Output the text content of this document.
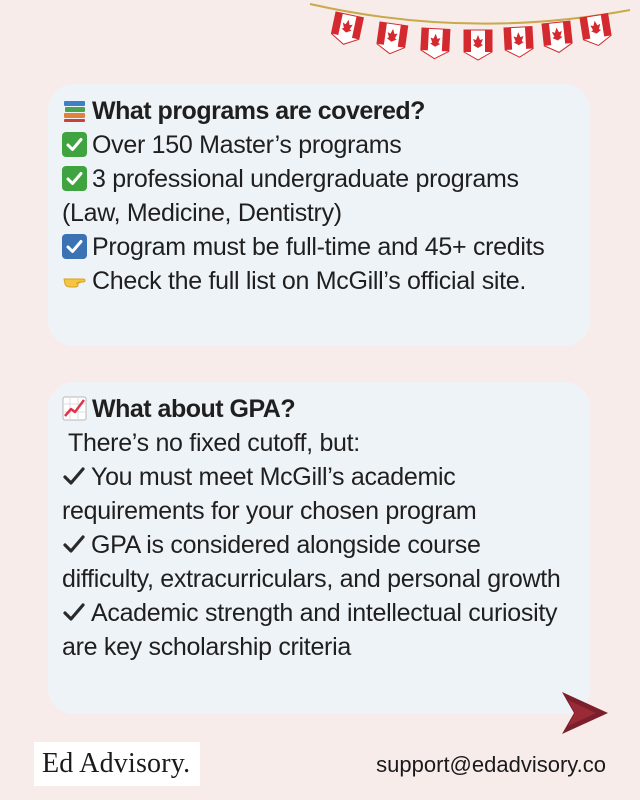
What programs are covered?
Over 150 Master’s programs
3 professional undergraduate programs (Law, Medicine, Dentistry)
Program must be full-time and 45+ credits
Check the full list on McGill’s official site.
What about GPA?
There’s no fixed cutoff, but:
You must meet McGill’s academic requirements for your chosen program
GPA is considered alongside course difficulty, extracurriculars, and personal growth
Academic strength and intellectual curiosity are key scholarship criteria
Ed Advisory.	support@edadvisory.co
